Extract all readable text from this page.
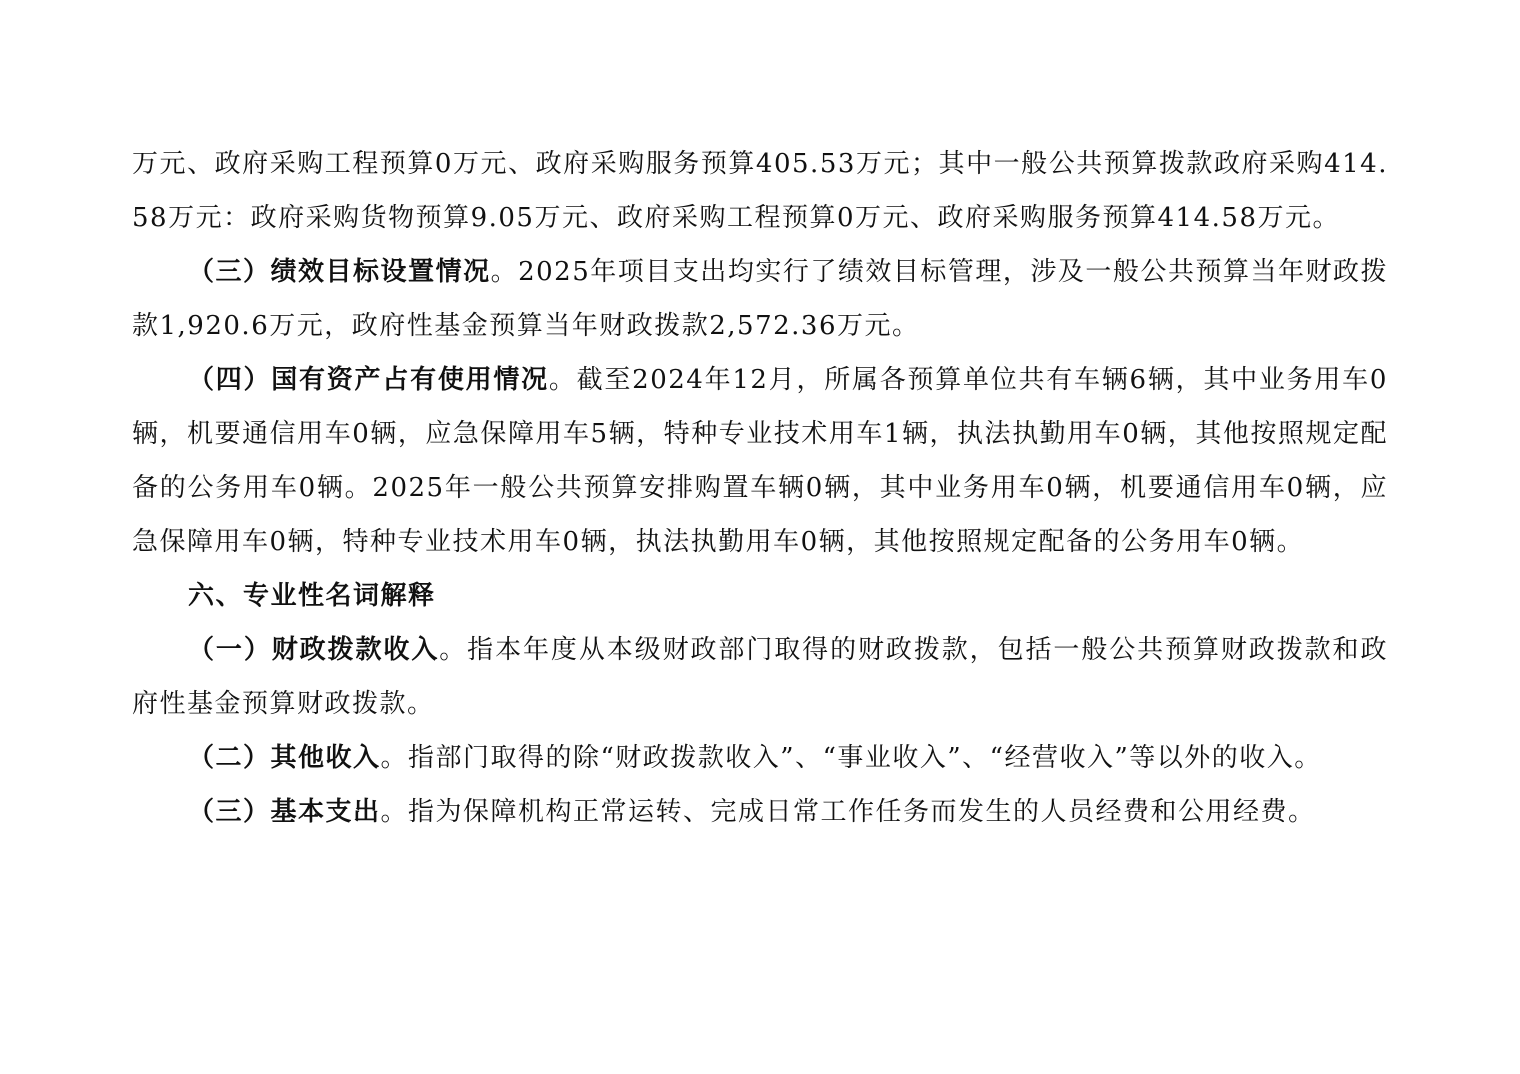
万元、政府采购工程预算0万元、政府采购服务预算405.53万元；其中一般公共预算拨款政府采购414.58万元：政府采购货物预算9.05万元、政府采购工程预算0万元、政府采购服务预算414.58万元。

（三）绩效目标设置情况。2025年项目支出均实行了绩效目标管理，涉及一般公共预算当年财政拨款1,920.6万元，政府性基金预算当年财政拨款2,572.36万元。

（四）国有资产占有使用情况。截至2024年12月，所属各预算单位共有车辆6辆，其中业务用车0辆，机要通信用车0辆，应急保障用车5辆，特种专业技术用车1辆，执法执勤用车0辆，其他按照规定配备的公务用车0辆。2025年一般公共预算安排购置车辆0辆，其中业务用车0辆，机要通信用车0辆，应急保障用车0辆，特种专业技术用车0辆，执法执勤用车0辆，其他按照规定配备的公务用车0辆。

六、专业性名词解释

（一）财政拨款收入。指本年度从本级财政部门取得的财政拨款，包括一般公共预算财政拨款和政府性基金预算财政拨款。

（二）其他收入。指部门取得的除“财政拨款收入”、“事业收入”、“经营收入”等以外的收入。

（三）基本支出。指为保障机构正常运转、完成日常工作任务而发生的人员经费和公用经费。
